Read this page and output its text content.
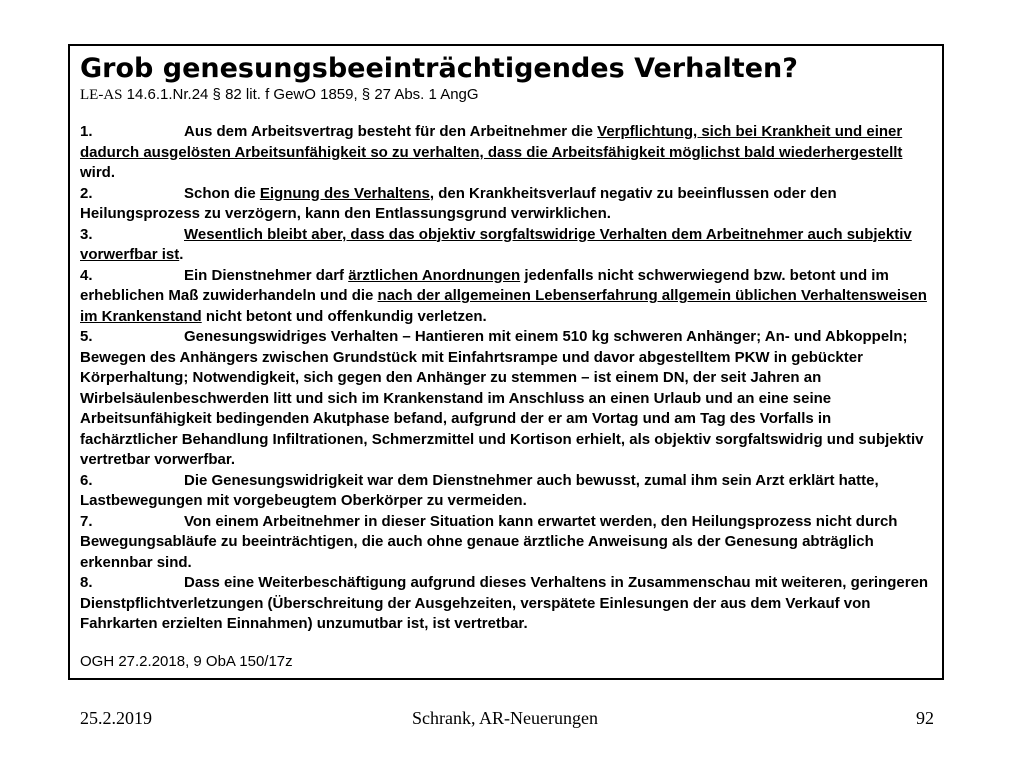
Grob genesungsbeeinträchtigendes Verhalten?

LE-AS 14.6.1.Nr.24 § 82 lit. f GewO 1859, § 27 Abs. 1 AngG

1.	Aus dem Arbeitsvertrag besteht für den Arbeitnehmer die Verpflichtung, sich bei Krankheit und einer dadurch ausgelösten Arbeitsunfähigkeit so zu verhalten, dass die Arbeitsfähigkeit möglichst bald wiederhergestellt wird.

2.	Schon die Eignung des Verhaltens, den Krankheitsverlauf negativ zu beeinflussen oder den Heilungsprozess zu verzögern, kann den Entlassungsgrund verwirklichen.

3.	Wesentlich bleibt aber, dass das objektiv sorgfaltswidrige Verhalten dem Arbeitnehmer auch subjektiv vorwerfbar ist.

4.	Ein Dienstnehmer darf ärztlichen Anordnungen jedenfalls nicht schwerwiegend bzw. betont und im erheblichen Maß zuwiderhandeln und die nach der allgemeinen Lebenserfahrung allgemein üblichen Verhaltensweisen im Krankenstand nicht betont und offenkundig verletzen.

5.	Genesungswidriges Verhalten – Hantieren mit einem 510 kg schweren Anhänger; An- und Abkoppeln; Bewegen des Anhängers zwischen Grundstück mit Einfahrtsrampe und davor abgestelltem PKW in gebückter Körperhaltung; Notwendigkeit, sich gegen den Anhänger zu stemmen – ist einem DN, der seit Jahren an Wirbelsäulenbeschwerden litt und sich im Krankenstand im Anschluss an einen Urlaub und an eine seine Arbeitsunfähigkeit bedingenden Akutphase befand, aufgrund der er am Vortag und am Tag des Vorfalls in fachärztlicher Behandlung Infiltrationen, Schmerzmittel und Kortison erhielt, als objektiv sorgfaltswidrig und subjektiv vertretbar vorwerfbar.

6.	Die Genesungswidrigkeit war dem Dienstnehmer auch bewusst, zumal ihm sein Arzt erklärt hatte, Lastbewegungen mit vorgebeugtem Oberkörper zu vermeiden.

7.	Von einem Arbeitnehmer in dieser Situation kann erwartet werden, den Heilungsprozess nicht durch Bewegungsabläufe zu beeinträchtigen, die auch ohne genaue ärztliche Anweisung als der Genesung abträglich erkennbar sind.

8.	Dass eine Weiterbeschäftigung aufgrund dieses Verhaltens in Zusammenschau mit weiteren, geringeren Dienstpflichtverletzungen (Überschreitung der Ausgehzeiten, verspätete Einlesungen der aus dem Verkauf von Fahrkarten erzielten Einnahmen) unzumutbar ist, ist vertretbar.

OGH 27.2.2018, 9 ObA 150/17z
25.2.2019	Schrank, AR-Neuerungen	92
